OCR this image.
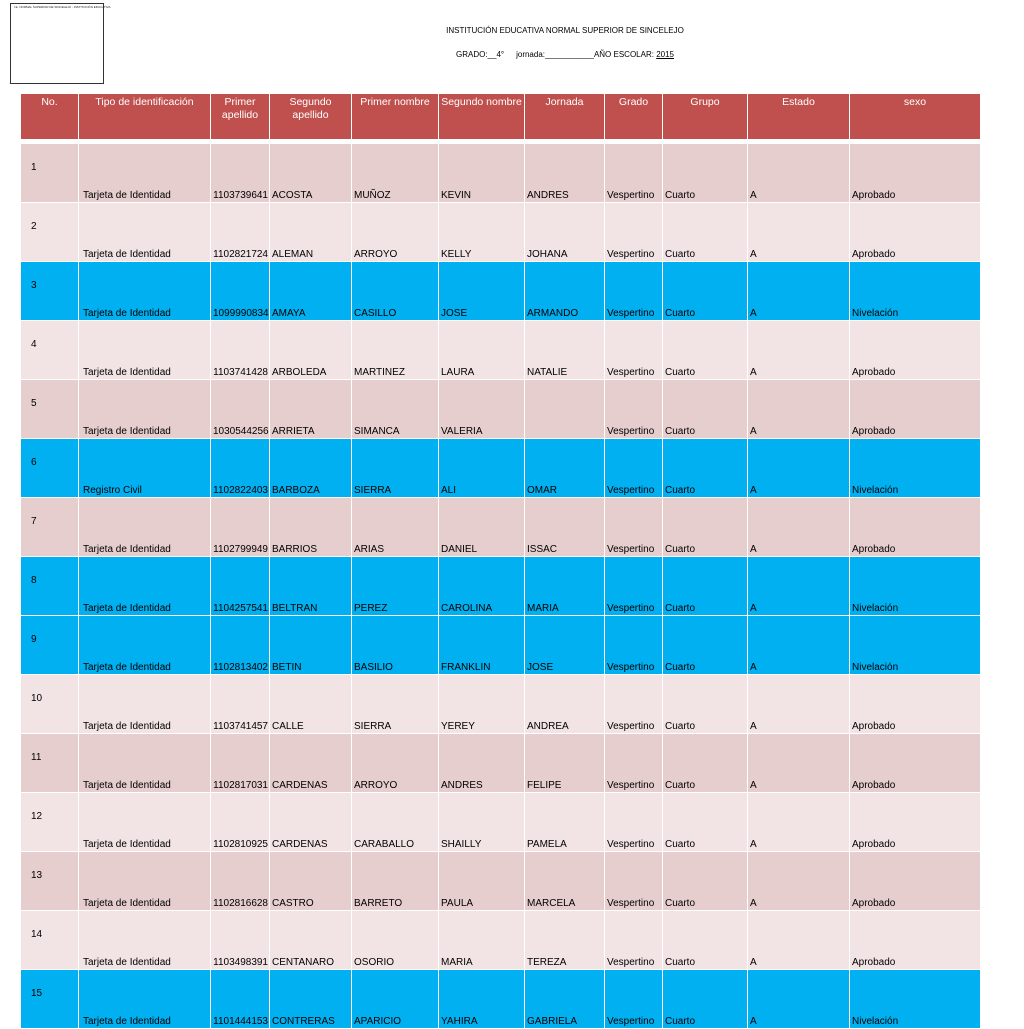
I.E. NORMAL SUPERIOR DE SINCELEJO - INSTITUCIÓN EDUCATIVA
INSTITUCIÓN EDUCATIVA NORMAL SUPERIOR DE SINCELEJO
GRADO:__4° jornada:___________AÑO ESCOLAR: 2015
No.	Tipo de identificación	Primer apellido	Segundo apellido	Primer nombre	Segundo nombre	Jornada	Grado	Grupo	Estado	sexo

1	Tarjeta de Identidad	1103739641	ACOSTA	MUÑOZ	KEVIN	ANDRES	Vespertino	Cuarto	A	Aprobado
2	Tarjeta de Identidad	1102821724	ALEMAN	ARROYO	KELLY	JOHANA	Vespertino	Cuarto	A	Aprobado
3	Tarjeta de Identidad	1099990834	AMAYA	CASILLO	JOSE	ARMANDO	Vespertino	Cuarto	A	Nivelación
4	Tarjeta de Identidad	1103741428	ARBOLEDA	MARTINEZ	LAURA	NATALIE	Vespertino	Cuarto	A	Aprobado
5	Tarjeta de Identidad	1030544256	ARRIETA	SIMANCA	VALERIA		Vespertino	Cuarto	A	Aprobado
6	Registro Civil	1102822403	BARBOZA	SIERRA	ALI	OMAR	Vespertino	Cuarto	A	Nivelación
7	Tarjeta de Identidad	1102799949	BARRIOS	ARIAS	DANIEL	ISSAC	Vespertino	Cuarto	A	Aprobado
8	Tarjeta de Identidad	1104257541	BELTRAN	PEREZ	CAROLINA	MARIA	Vespertino	Cuarto	A	Nivelación
9	Tarjeta de Identidad	1102813402	BETIN	BASILIO	FRANKLIN	JOSE	Vespertino	Cuarto	A	Nivelación
10	Tarjeta de Identidad	1103741457	CALLE	SIERRA	YEREY	ANDREA	Vespertino	Cuarto	A	Aprobado
11	Tarjeta de Identidad	1102817031	CARDENAS	ARROYO	ANDRES	FELIPE	Vespertino	Cuarto	A	Aprobado
12	Tarjeta de Identidad	1102810925	CARDENAS	CARABALLO	SHAILLY	PAMELA	Vespertino	Cuarto	A	Aprobado
13	Tarjeta de Identidad	1102816628	CASTRO	BARRETO	PAULA	MARCELA	Vespertino	Cuarto	A	Aprobado
14	Tarjeta de Identidad	1103498391	CENTANARO	OSORIO	MARIA	TEREZA	Vespertino	Cuarto	A	Aprobado
15	Tarjeta de Identidad	1101444153	CONTRERAS	APARICIO	YAHIRA	GABRIELA	Vespertino	Cuarto	A	Nivelación
